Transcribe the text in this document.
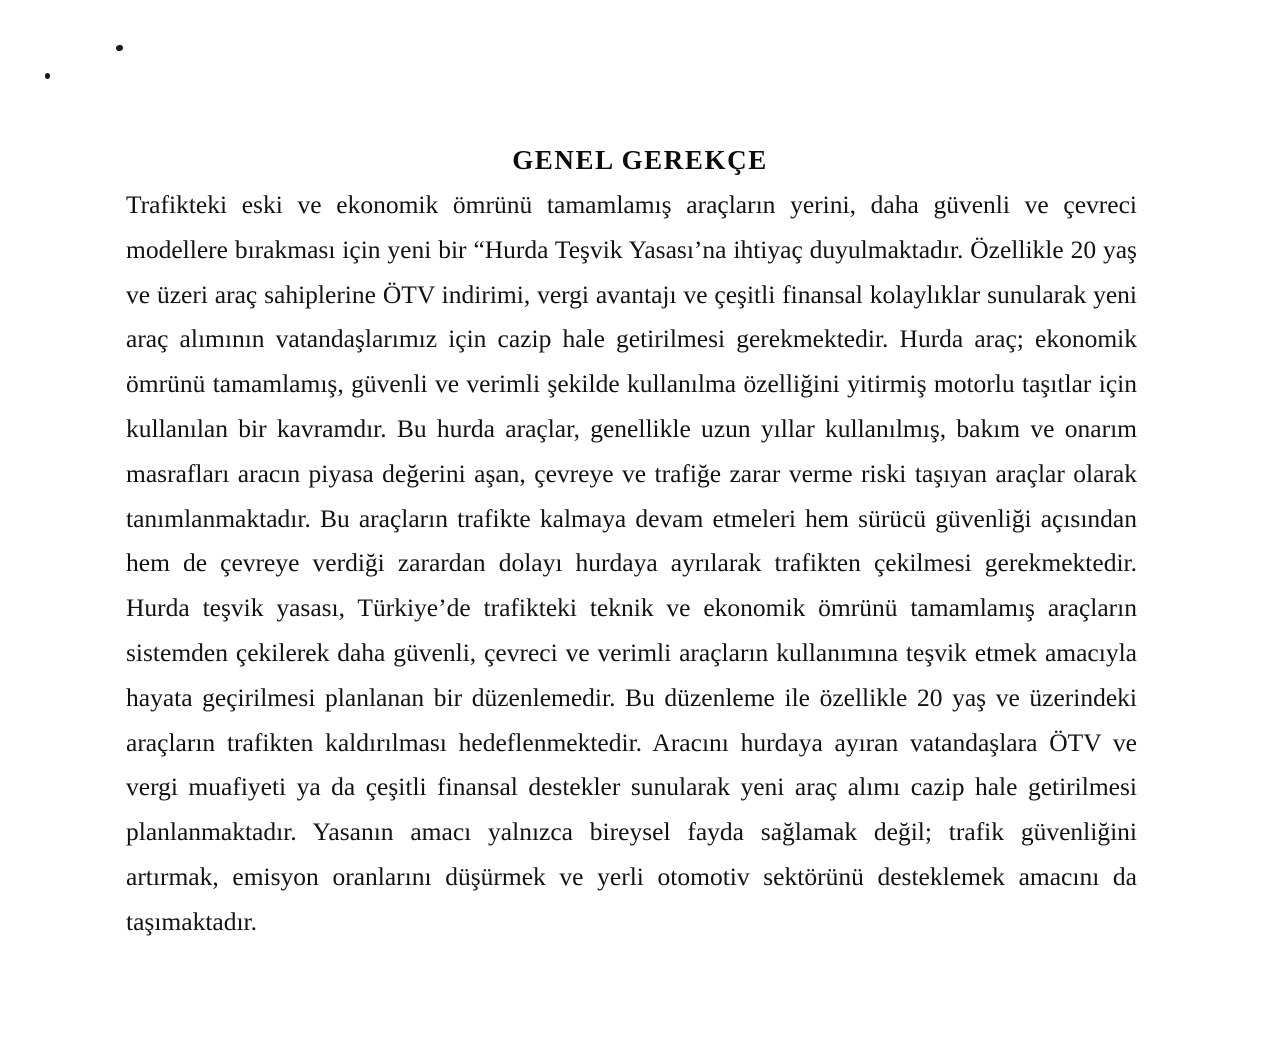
GENEL GEREKÇE

Trafikteki eski ve ekonomik ömrünü tamamlamış araçların yerini, daha güvenli ve çevreci modellere bırakması için yeni bir “Hurda Teşvik Yasası’na ihtiyaç duyulmaktadır. Özellikle 20 yaş ve üzeri araç sahiplerine ÖTV indirimi, vergi avantajı ve çeşitli finansal kolaylıklar sunularak yeni araç alımının vatandaşlarımız için cazip hale getirilmesi gerekmektedir. Hurda araç; ekonomik ömrünü tamamlamış, güvenli ve verimli şekilde kullanılma özelliğini yitirmiş motorlu taşıtlar için kullanılan bir kavramdır. Bu hurda araçlar, genellikle uzun yıllar kullanılmış, bakım ve onarım masrafları aracın piyasa değerini aşan, çevreye ve trafiğe zarar verme riski taşıyan araçlar olarak tanımlanmaktadır. Bu araçların trafikte kalmaya devam etmeleri hem sürücü güvenliği açısından hem de çevreye verdiği zarardan dolayı hurdaya ayrılarak trafikten çekilmesi gerekmektedir. Hurda teşvik yasası, Türkiye’de trafikteki teknik ve ekonomik ömrünü tamamlamış araçların sistemden çekilerek daha güvenli, çevreci ve verimli araçların kullanımına teşvik etmek amacıyla hayata geçirilmesi planlanan bir düzenlemedir. Bu düzenleme ile özellikle 20 yaş ve üzerindeki araçların trafikten kaldırılması hedeflenmektedir. Aracını hurdaya ayıran vatandaşlara ÖTV ve vergi muafiyeti ya da çeşitli finansal destekler sunularak yeni araç alımı cazip hale getirilmesi planlanmaktadır. Yasanın amacı yalnızca bireysel fayda sağlamak değil; trafik güvenliğini artırmak, emisyon oranlarını düşürmek ve yerli otomotiv sektörünü desteklemek amacını da taşımaktadır.
